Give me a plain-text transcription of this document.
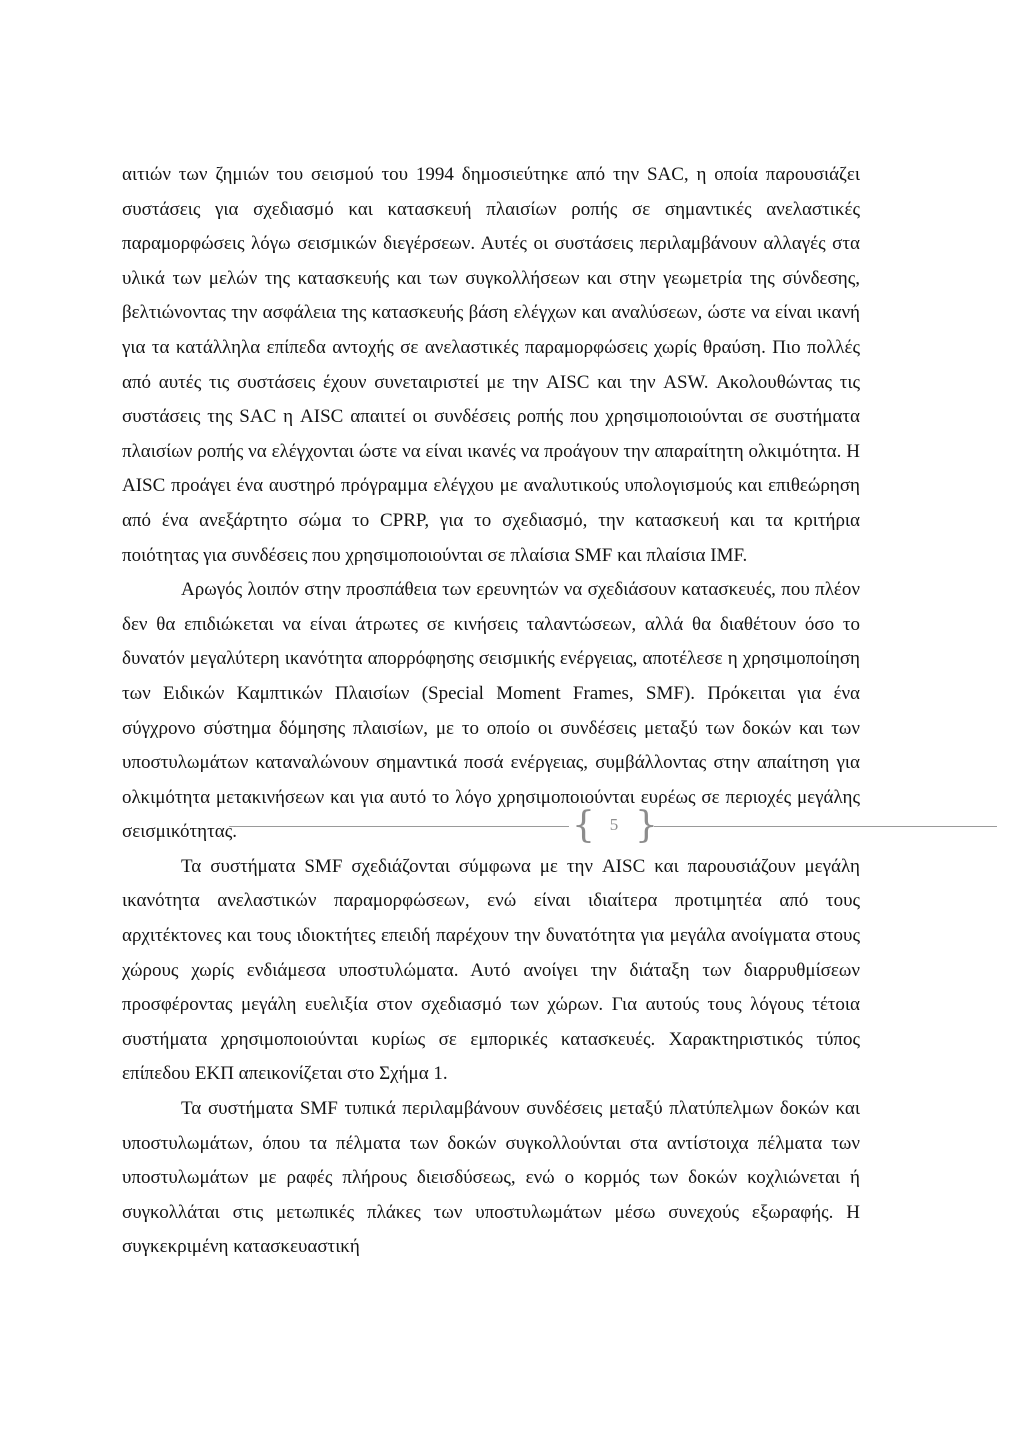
αιτιών των ζημιών του σεισμού του 1994 δημοσιεύτηκε από την SAC, η οποία παρουσιάζει συστάσεις για σχεδιασμό και κατασκευή πλαισίων ροπής σε σημαντικές ανελαστικές παραμορφώσεις λόγω σεισμικών διεγέρσεων. Αυτές οι συστάσεις περιλαμβάνουν αλλαγές στα υλικά των μελών της κατασκευής και των συγκολλήσεων και στην γεωμετρία της σύνδεσης, βελτιώνοντας την ασφάλεια της κατασκευής βάση ελέγχων και αναλύσεων, ώστε να είναι ικανή για τα κατάλληλα επίπεδα αντοχής σε ανελαστικές παραμορφώσεις χωρίς θραύση. Πιο πολλές από αυτές τις συστάσεις έχουν συνεταιριστεί με την AISC και την ASW. Ακολουθώντας τις συστάσεις της SAC η AISC απαιτεί οι συνδέσεις ροπής που χρησιμοποιούνται σε συστήματα πλαισίων ροπής να ελέγχονται ώστε να είναι ικανές να προάγουν την απαραίτητη ολκιμότητα. Η AISC προάγει ένα αυστηρό πρόγραμμα ελέγχου με αναλυτικούς υπολογισμούς και επιθεώρηση από ένα ανεξάρτητο σώμα το CPRP, για το σχεδιασμό, την κατασκευή και τα κριτήρια ποιότητας για συνδέσεις που χρησιμοποιούνται σε πλαίσια SMF και πλαίσια IMF.

Αρωγός λοιπόν στην προσπάθεια των ερευνητών να σχεδιάσουν κατασκευές, που πλέον δεν θα επιδιώκεται να είναι άτρωτες σε κινήσεις ταλαντώσεων, αλλά θα διαθέτουν όσο το δυνατόν μεγαλύτερη ικανότητα απορρόφησης σεισμικής ενέργειας, αποτέλεσε η χρησιμοποίηση των Ειδικών Καμπτικών Πλαισίων (Special Moment Frames, SMF). Πρόκειται για ένα σύγχρονο σύστημα δόμησης πλαισίων, με το οποίο οι συνδέσεις μεταξύ των δοκών και των υποστυλωμάτων καταναλώνουν σημαντικά ποσά ενέργειας, συμβάλλοντας στην απαίτηση για ολκιμότητα μετακινήσεων και για αυτό το λόγο χρησιμοποιούνται ευρέως σε περιοχές μεγάλης σεισμικότητας.

Τα συστήματα SMF σχεδιάζονται σύμφωνα με την AISC και παρουσιάζουν μεγάλη ικανότητα ανελαστικών παραμορφώσεων, ενώ είναι ιδιαίτερα προτιμητέα από τους αρχιτέκτονες και τους ιδιοκτήτες επειδή παρέχουν την δυνατότητα για μεγάλα ανοίγματα στους χώρους χωρίς ενδιάμεσα υποστυλώματα. Αυτό ανοίγει την διάταξη των διαρρυθμίσεων προσφέροντας μεγάλη ευελιξία στον σχεδιασμό των χώρων. Για αυτούς τους λόγους τέτοια συστήματα χρησιμοποιούνται κυρίως σε εμπορικές κατασκευές. Χαρακτηριστικός τύπος επίπεδου ΕΚΠ απεικονίζεται στο Σχήμα 1.

Τα συστήματα SMF τυπικά περιλαμβάνουν συνδέσεις μεταξύ πλατύπελμων δοκών και υποστυλωμάτων, όπου τα πέλματα των δοκών συγκολλούνται στα αντίστοιχα πέλματα των υποστυλωμάτων με ραφές πλήρους διεισδύσεως, ενώ ο κορμός των δοκών κοχλιώνεται ή συγκολλάται στις μετωπικές πλάκες των υποστυλωμάτων μέσω συνεχούς εξωραφής. Η συγκεκριμένη κατασκευαστική

{ 5 }
